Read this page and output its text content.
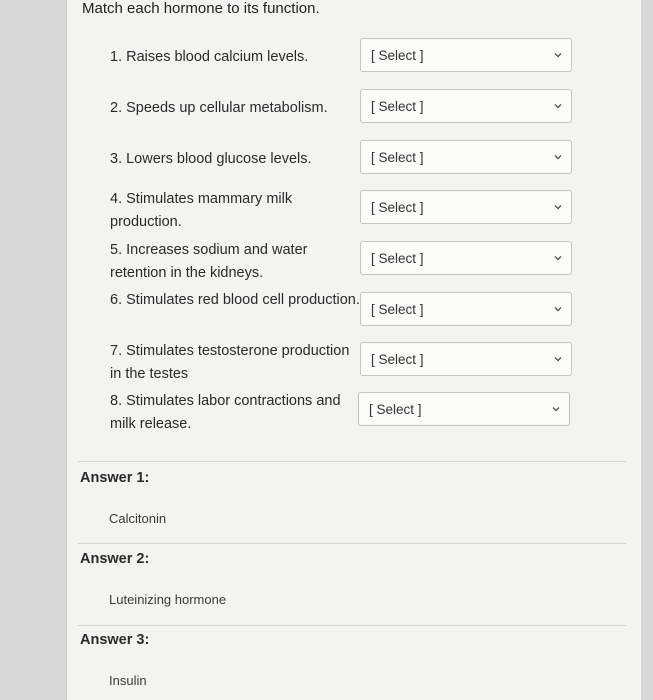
Match each hormone to its function.
1. Raises blood calcium levels.	[ Select ]
2. Speeds up cellular metabolism.	[ Select ]
3. Lowers blood glucose levels.	[ Select ]
4. Stimulates mammary milk production.
[ Select ]
5. Increases sodium and water retention in the kidneys.
[ Select ]
6. Stimulates red blood cell production.
[ Select ]
7. Stimulates testosterone production in the testes
[ Select ]
8. Stimulates labor contractions and milk release.
[ Select ]
Answer 1:
Calcitonin
Answer 2:
Luteinizing hormone
Answer 3:
Insulin
